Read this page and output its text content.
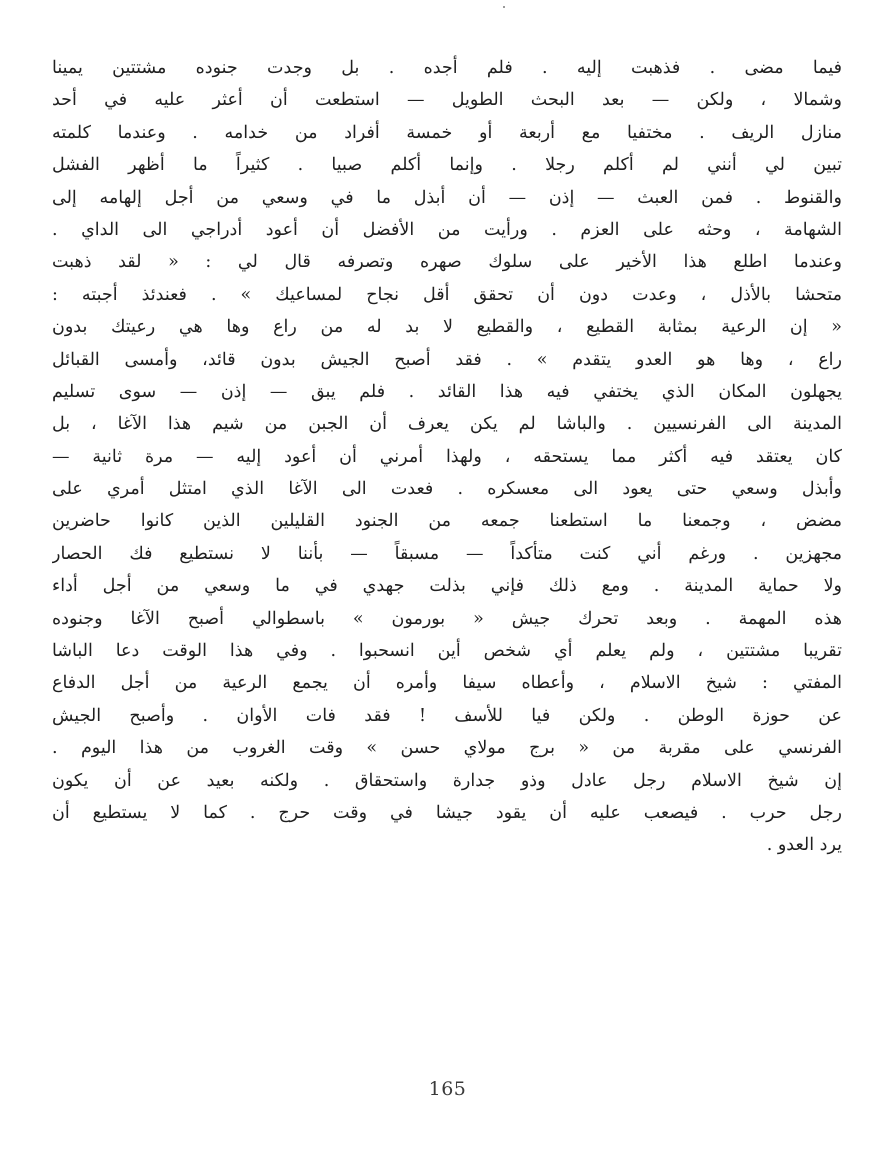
فيما مضى . فذهبت إليه . فلم أجده . بل وجدت جنوده مشتتين يمينا
وشمالا ، ولكن — بعد البحث الطويل — استطعت أن أعثر عليه في أحد
منازل الريف . مختفيا مع أربعة أو خمسة أفراد من خدامه . وعندما كلمته
تبين لي أنني لم أكلم رجلا . وإنما أكلم صبيا . كثيراً ما أظهر الفشل
والقنوط . فمن العبث — إذن — أن أبذل ما في وسعي من أجل إلهامه إلى
الشهامة ، وحثه على العزم . ورأيت من الأفضل أن أعود أدراجي الى الداي .
وعندما اطلع هذا الأخير على سلوك صهره وتصرفه قال لي : « لقد ذهبت
متحشا بالأذل ، وعدت دون أن تحقق أقل نجاح لمساعيك » . فعندئذ أجبته :
« إن الرعية بمثابة القطيع ، والقطيع لا بد له من راع وها هي رعيتك بدون
راع ، وها هو العدو يتقدم » . فقد أصبح الجيش بدون قائد، وأمسى القبائل
يجهلون المكان الذي يختفي فيه هذا القائد . فلم يبق — إذن — سوى تسليم
المدينة الى الفرنسيين . والباشا لم يكن يعرف أن الجبن من شيم هذا الآغا ، بل
كان يعتقد فيه أكثر مما يستحقه ، ولهذا أمرني أن أعود إليه — مرة ثانية —
وأبذل وسعي حتى يعود الى معسكره . فعدت الى الآغا الذي امتثل أمري على
مضض ، وجمعنا ما استطعنا جمعه من الجنود القليلين الذين كانوا حاضرين
مجهزين . ورغم أني كنت متأكداً — مسبقاً — بأننا لا نستطيع فك الحصار
ولا حماية المدينة . ومع ذلك فإني بذلت جهدي في ما وسعي من أجل أداء
هذه المهمة . وبعد تحرك جيش « بورمون » باسطوالي أصبح الآغا وجنوده
تقريبا مشتتين ، ولم يعلم أي شخص أين انسحبوا . وفي هذا الوقت دعا الباشا
المفتي : شيخ الاسلام ، وأعطاه سيفا وأمره أن يجمع الرعية من أجل الدفاع
عن حوزة الوطن . ولكن فيا للأسف ! فقد فات الأوان . وأصبح الجيش
الفرنسي على مقربة من « برج مولاي حسن » وقت الغروب من هذا اليوم .
إن شيخ الاسلام رجل عادل وذو جدارة واستحقاق . ولكنه بعيد عن أن يكون
رجل حرب . فيصعب عليه أن يقود جيشا في وقت حرج . كما لا يستطيع أن
يرد العدو .
165
